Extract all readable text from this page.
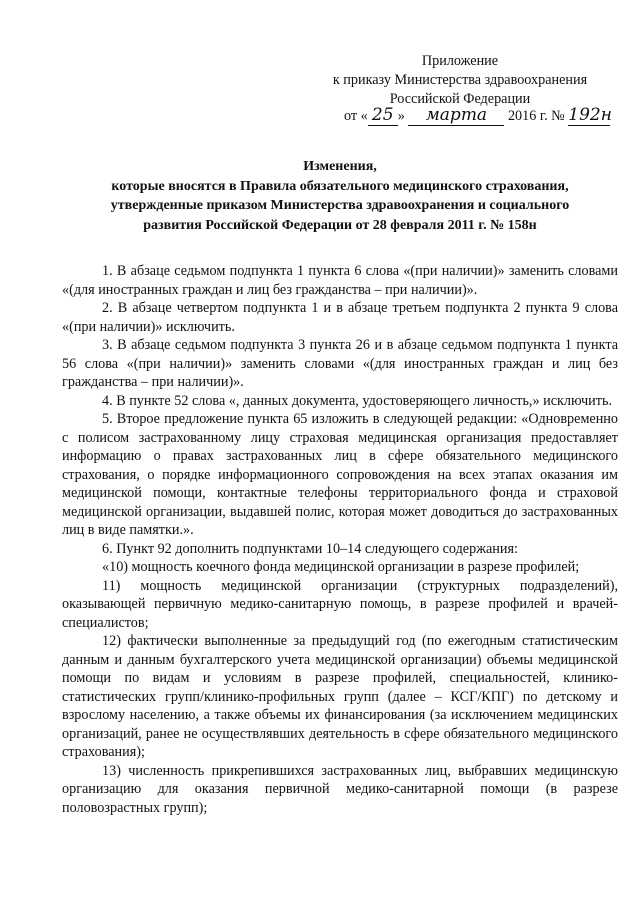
Приложение
к приказу Министерства здравоохранения
Российской Федерации
от « 25 » марта 2016 г. № 192н
Изменения,
которые вносятся в Правила обязательного медицинского страхования,
утвержденные приказом Министерства здравоохранения и социального
развития Российской Федерации от 28 февраля 2011 г. № 158н

1. В абзаце седьмом подпункта 1 пункта 6 слова «(при наличии)» заменить словами «(для иностранных граждан и лиц без гражданства – при наличии)».

2. В абзаце четвертом подпункта 1 и в абзаце третьем подпункта 2 пункта 9 слова «(при наличии)» исключить.

3. В абзаце седьмом подпункта 3 пункта 26 и в абзаце седьмом подпункта 1 пункта 56 слова «(при наличии)» заменить словами «(для иностранных граждан и лиц без гражданства – при наличии)».

4. В пункте 52 слова «, данных документа, удостоверяющего личность,» исключить.

5. Второе предложение пункта 65 изложить в следующей редакции: «Одновременно с полисом застрахованному лицу страховая медицинская организация предоставляет информацию о правах застрахованных лиц в сфере обязательного медицинского страхования, о порядке информационного сопровождения на всех этапах оказания им медицинской помощи, контактные телефоны территориального фонда и страховой медицинской организации, выдавшей полис, которая может доводиться до застрахованных лиц в виде памятки.».

6. Пункт 92 дополнить подпунктами 10–14 следующего содержания:

«10) мощность коечного фонда медицинской организации в разрезе профилей;

11) мощность медицинской организации (структурных подразделений), оказывающей первичную медико-санитарную помощь, в разрезе профилей и врачей-специалистов;

12) фактически выполненные за предыдущий год (по ежегодным статистическим данным и данным бухгалтерского учета медицинской организации) объемы медицинской помощи по видам и условиям в разрезе профилей, специальностей, клинико-статистических групп/клинико-профильных групп (далее – КСГ/КПГ) по детскому и взрослому населению, а также объемы их финансирования (за исключением медицинских организаций, ранее не осуществлявших деятельность в сфере обязательного медицинского страхования);

13) численность прикрепившихся застрахованных лиц, выбравших медицинскую организацию для оказания первичной медико-санитарной помощи (в разрезе половозрастных групп);
